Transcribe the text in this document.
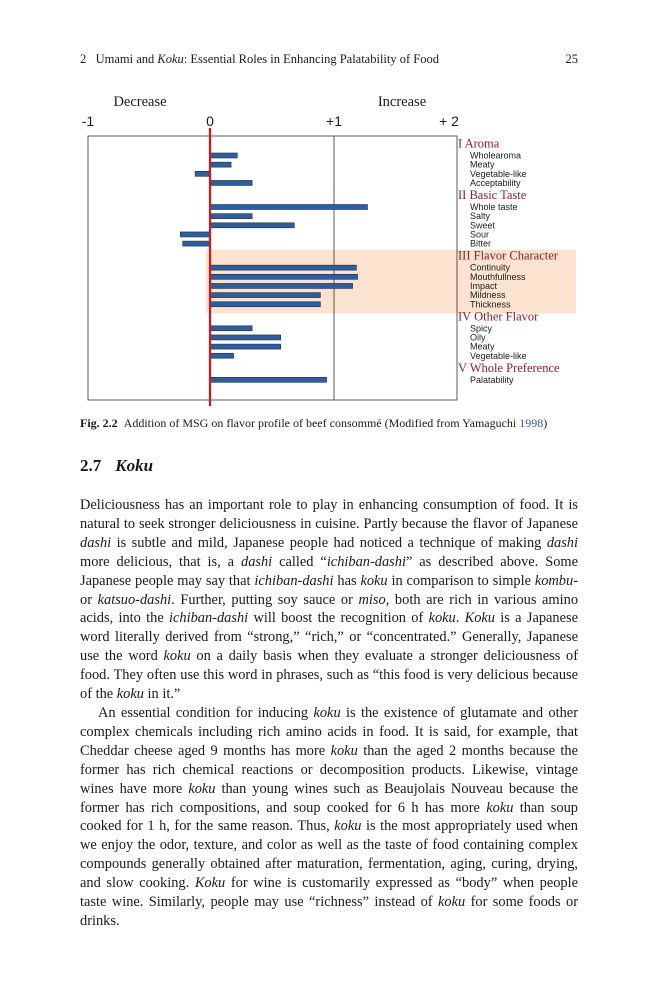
2 Umami and Koku: Essential Roles in Enhancing Palatability of Food	25
Decrease	Increase
-1	0	+1	+ 2
I Aroma
Wholearoma
Meaty
Vegetable-like
Acceptability
II Basic Taste
Whole taste
Salty
Sweet
Sour
Bitter
III Flavor Character
Continuity
Mouthfullness
Impact
Mildness
Thickness
IV Other Flavor
Spicy
Oily
Meaty
Vegetable-like
V Whole Preference
Palatability
Fig. 2.2 Addition of MSG on flavor profile of beef consommé (Modified from Yamaguchi 1998)
2.7 Koku

Deliciousness has an important role to play in enhancing consumption of food. It is natural to seek stronger deliciousness in cuisine. Partly because the flavor of Japanese dashi is subtle and mild, Japanese people had noticed a technique of making dashi more delicious, that is, a dashi called “ichiban-dashi” as described above. Some Japanese people may say that ichiban-dashi has koku in comparison to simple kombu- or katsuo-dashi. Further, putting soy sauce or miso, both are rich in various amino acids, into the ichiban-dashi will boost the recognition of koku. Koku is a Japanese word literally derived from “strong,” “rich,” or “concentrated.” Generally, Japanese use the word koku on a daily basis when they evaluate a stronger deliciousness of food. They often use this word in phrases, such as “this food is very delicious because of the koku in it.”

An essential condition for inducing koku is the existence of glutamate and other complex chemicals including rich amino acids in food. It is said, for example, that Cheddar cheese aged 9 months has more koku than the aged 2 months because the former has rich chemical reactions or decomposition products. Likewise, vintage wines have more koku than young wines such as Beaujolais Nouveau because the former has rich compositions, and soup cooked for 6 h has more koku than soup cooked for 1 h, for the same reason. Thus, koku is the most appropriately used when we enjoy the odor, texture, and color as well as the taste of food containing complex compounds generally obtained after maturation, fermentation, aging, curing, drying, and slow cooking. Koku for wine is customarily expressed as “body” when people taste wine. Similarly, people may use “richness” instead of koku for some foods or drinks.
